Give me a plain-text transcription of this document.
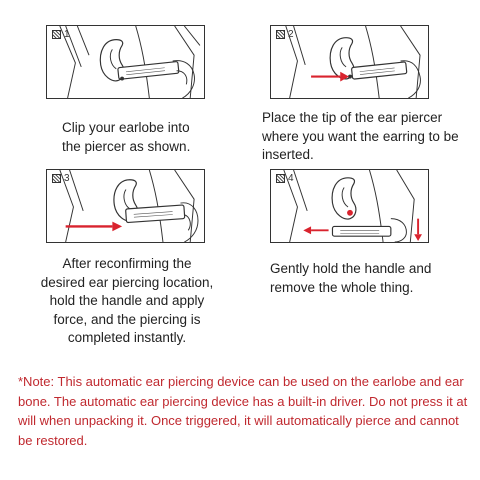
1
Clip your earlobe into
the piercer as shown.
2
Place the tip of the ear piercer
where you want the earring to be
inserted.
3
After reconfirming the
desired ear piercing location,
hold the handle and apply
force, and the piercing is
completed instantly.
4
Gently hold the handle and
remove the whole thing.
*Note: This automatic ear piercing device can be used on the earlobe and ear
bone. The automatic ear piercing device has a built-in driver. Do not press it at
will when unpacking it. Once triggered, it will automatically pierce and cannot
be restored.
